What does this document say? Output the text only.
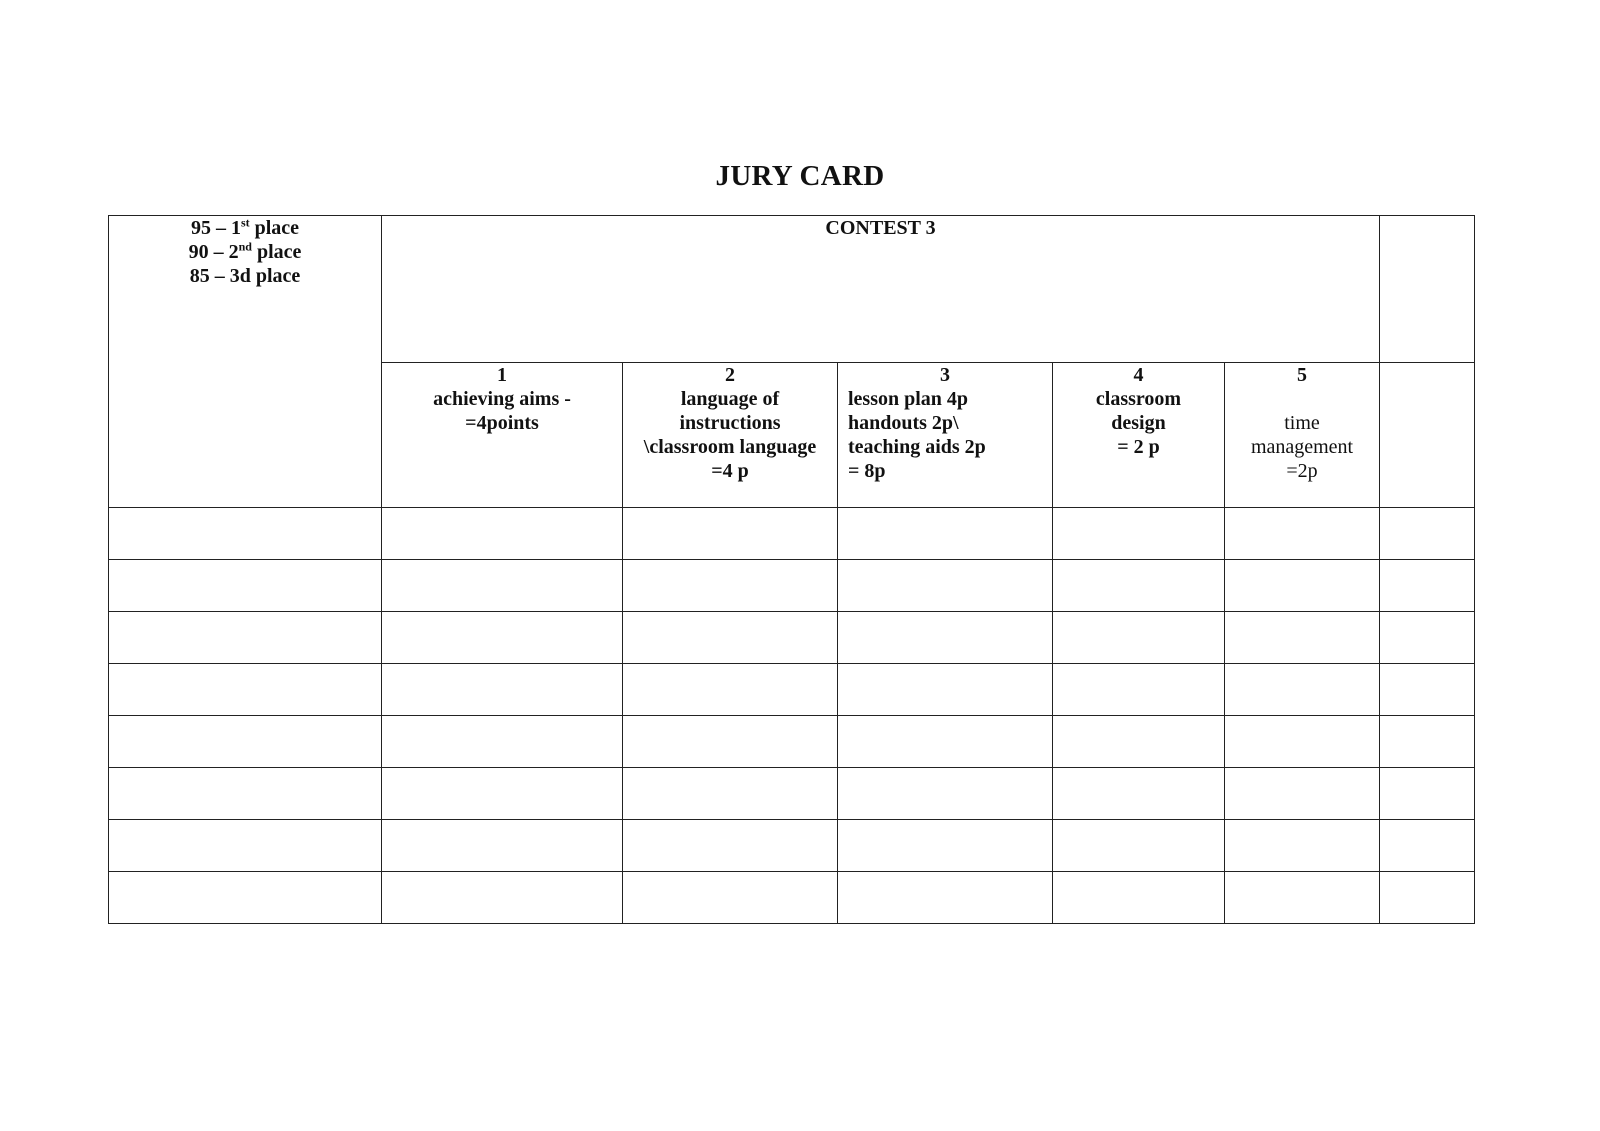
JURY CARD
95 – 1st place
90 – 2nd place
85 – 3d place	CONTEST 3					

	1
achieving aims -
=4points	2
language of
instructions
\classroom language
=4 p	3
lesson plan 4p
handouts 2p\
teaching aids 2p
= 8p	4
classroom
design
= 2 p	5
time
management
=2p	
